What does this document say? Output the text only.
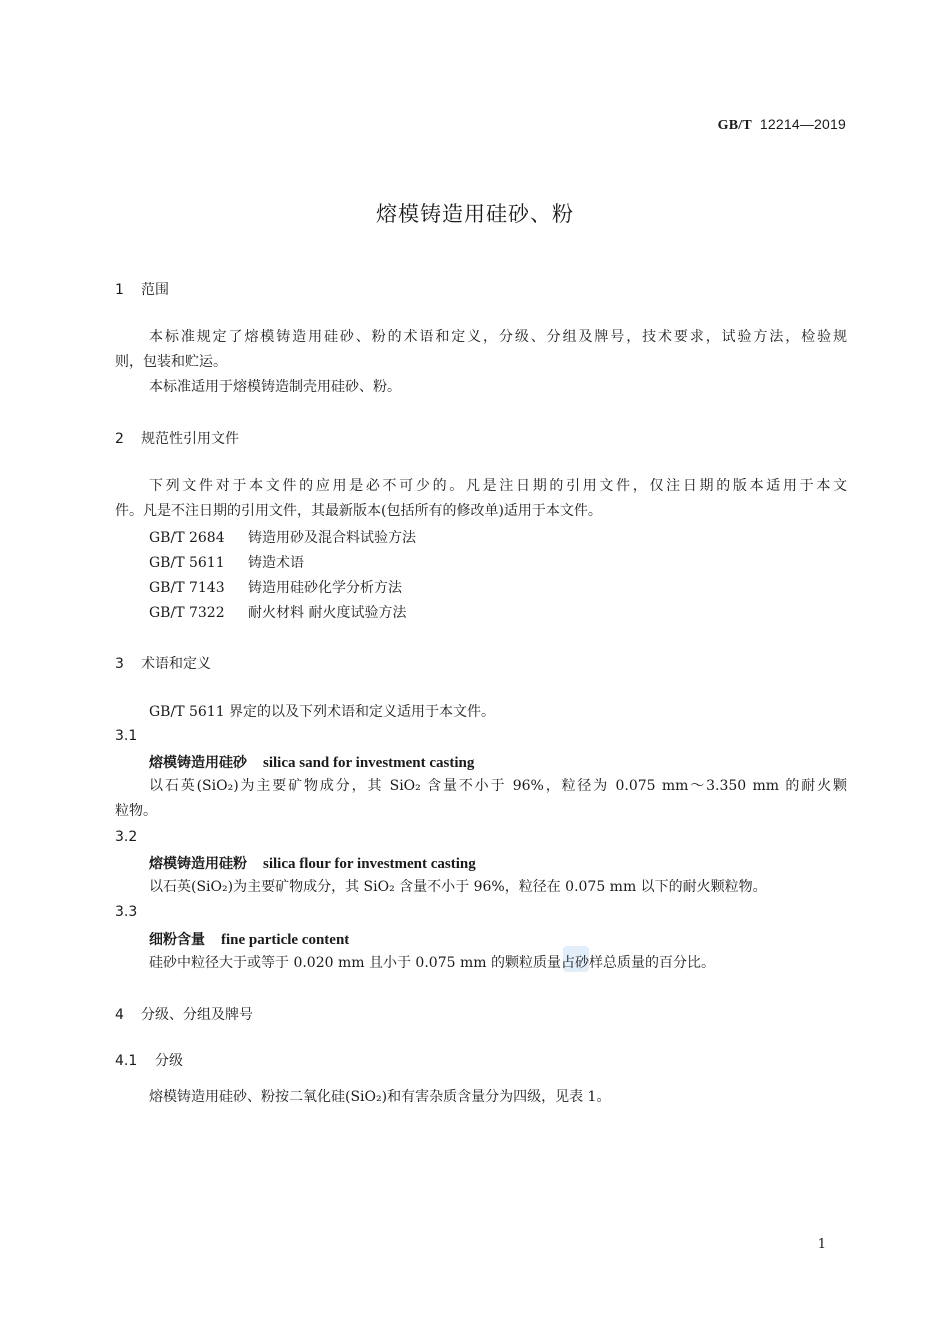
GB/T 12214—2019
熔模铸造用硅砂、粉
1 范围
本标准规定了熔模铸造用硅砂、粉的术语和定义，分级、分组及牌号，技术要求，试验方法，检验规
则，包装和贮运。
本标准适用于熔模铸造制壳用硅砂、粉。
2 规范性引用文件
下列文件对于本文件的应用是必不可少的。凡是注日期的引用文件，仅注日期的版本适用于本文
件。凡是不注日期的引用文件，其最新版本(包括所有的修改单)适用于本文件。
GB/T 2684 铸造用砂及混合料试验方法
GB/T 5611 铸造术语
GB/T 7143 铸造用硅砂化学分析方法
GB/T 7322 耐火材料 耐火度试验方法
3 术语和定义
GB/T 5611 界定的以及下列术语和定义适用于本文件。
3.1
熔模铸造用硅砂 silica sand for investment casting
以石英(SiO₂)为主要矿物成分，其 SiO₂ 含量不小于 96%，粒径为 0.075 mm～3.350 mm 的耐火颗
粒物。
3.2
熔模铸造用硅粉 silica flour for investment casting
以石英(SiO₂)为主要矿物成分，其 SiO₂ 含量不小于 96%，粒径在 0.075 mm 以下的耐火颗粒物。
3.3
细粉含量 fine particle content
硅砂中粒径大于或等于 0.020 mm 且小于 0.075 mm 的颗粒质量占砂样总质量的百分比。
4 分级、分组及牌号
4.1 分级
熔模铸造用硅砂、粉按二氧化硅(SiO₂)和有害杂质含量分为四级，见表 1。
1
